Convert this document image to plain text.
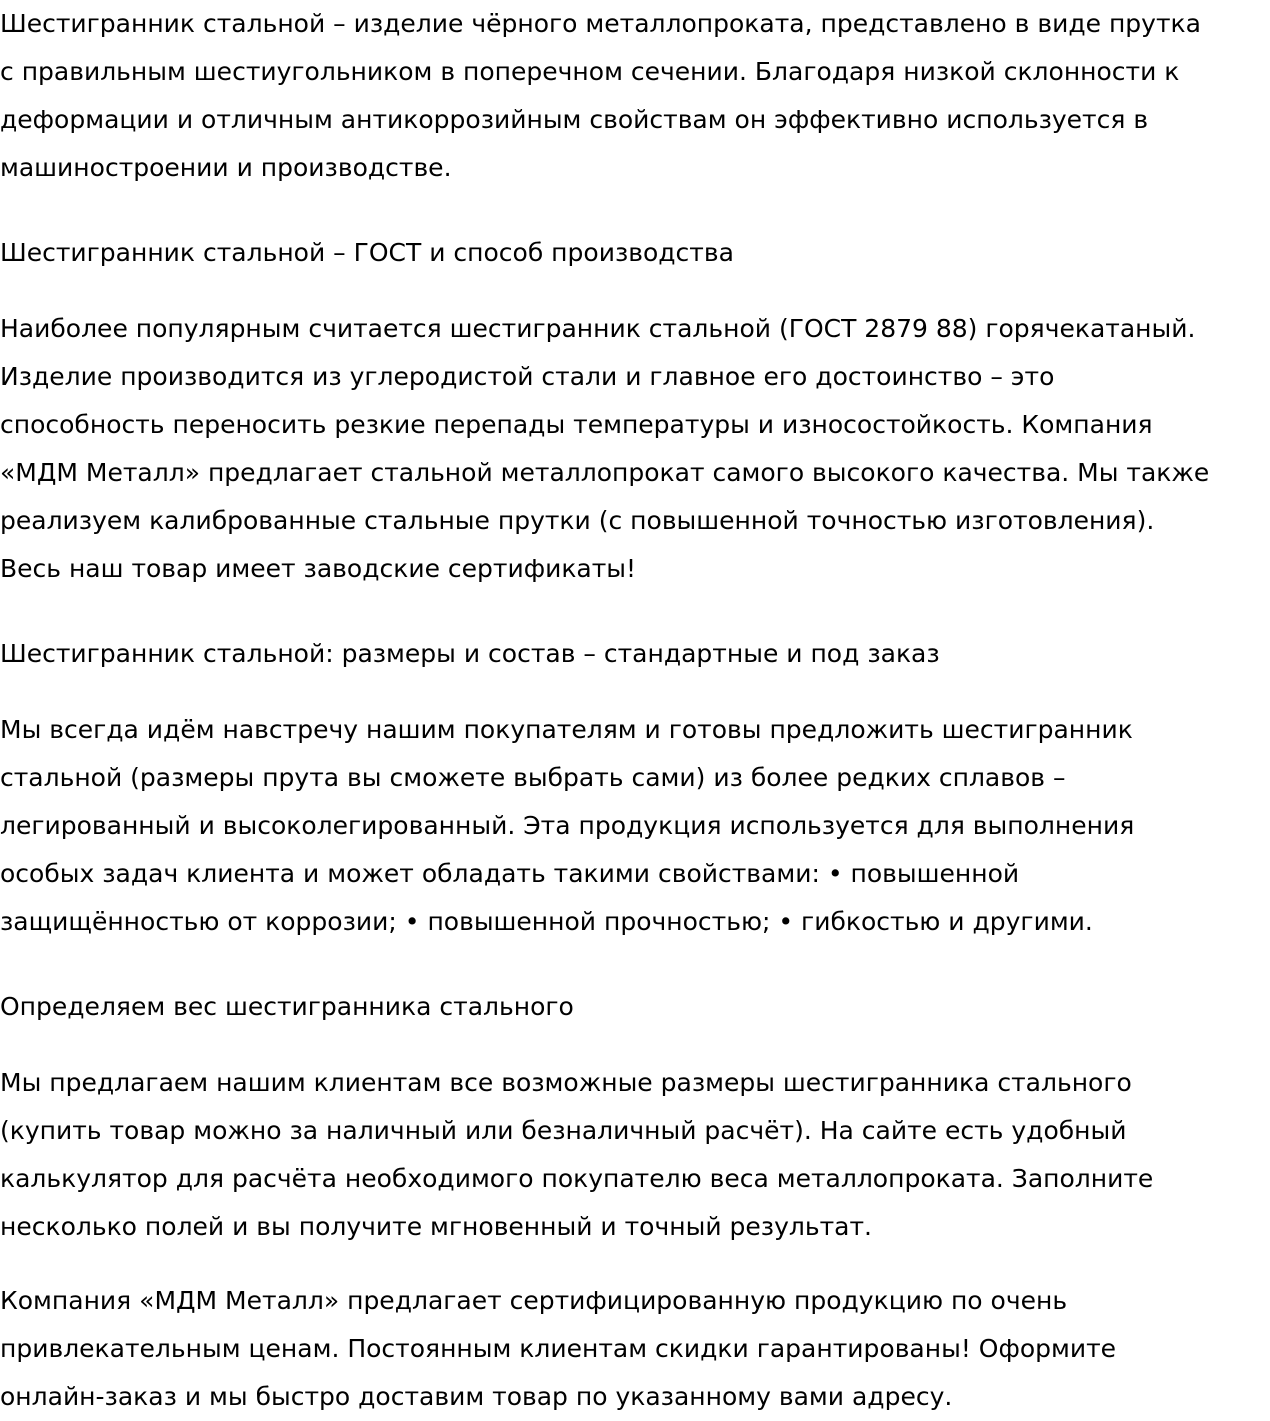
Шестигранник стальной – изделие чёрного металлопроката, представлено в виде прутка
с правильным шестиугольником в поперечном сечении. Благодаря низкой склонности к
деформации и отличным антикоррозийным свойствам он эффективно используется в
машиностроении и производстве.

Шестигранник стальной – ГОСТ и способ производства

Наиболее популярным считается шестигранник стальной (ГОСТ 2879 88) горячекатаный.
Изделие производится из углеродистой стали и главное его достоинство – это
способность переносить резкие перепады температуры и износостойкость. Компания
«МДМ Металл» предлагает стальной металлопрокат самого высокого качества. Мы также
реализуем калиброванные стальные прутки (с повышенной точностью изготовления).
Весь наш товар имеет заводские сертификаты!

Шестигранник стальной: размеры и состав – стандартные и под заказ

Мы всегда идём навстречу нашим покупателям и готовы предложить шестигранник
стальной (размеры прута вы сможете выбрать сами) из более редких сплавов –
легированный и высоколегированный. Эта продукция используется для выполнения
особых задач клиента и может обладать такими свойствами: • повышенной
защищённостью от коррозии; • повышенной прочностью; • гибкостью и другими.

Определяем вес шестигранника стального

Мы предлагаем нашим клиентам все возможные размеры шестигранника стального
(купить товар можно за наличный или безналичный расчёт). На сайте есть удобный
калькулятор для расчёта необходимого покупателю веса металлопроката. Заполните
несколько полей и вы получите мгновенный и точный результат.

Компания «МДМ Металл» предлагает сертифицированную продукцию по очень
привлекательным ценам. Постоянным клиентам скидки гарантированы! Оформите
онлайн-заказ и мы быстро доставим товар по указанному вами адресу.
